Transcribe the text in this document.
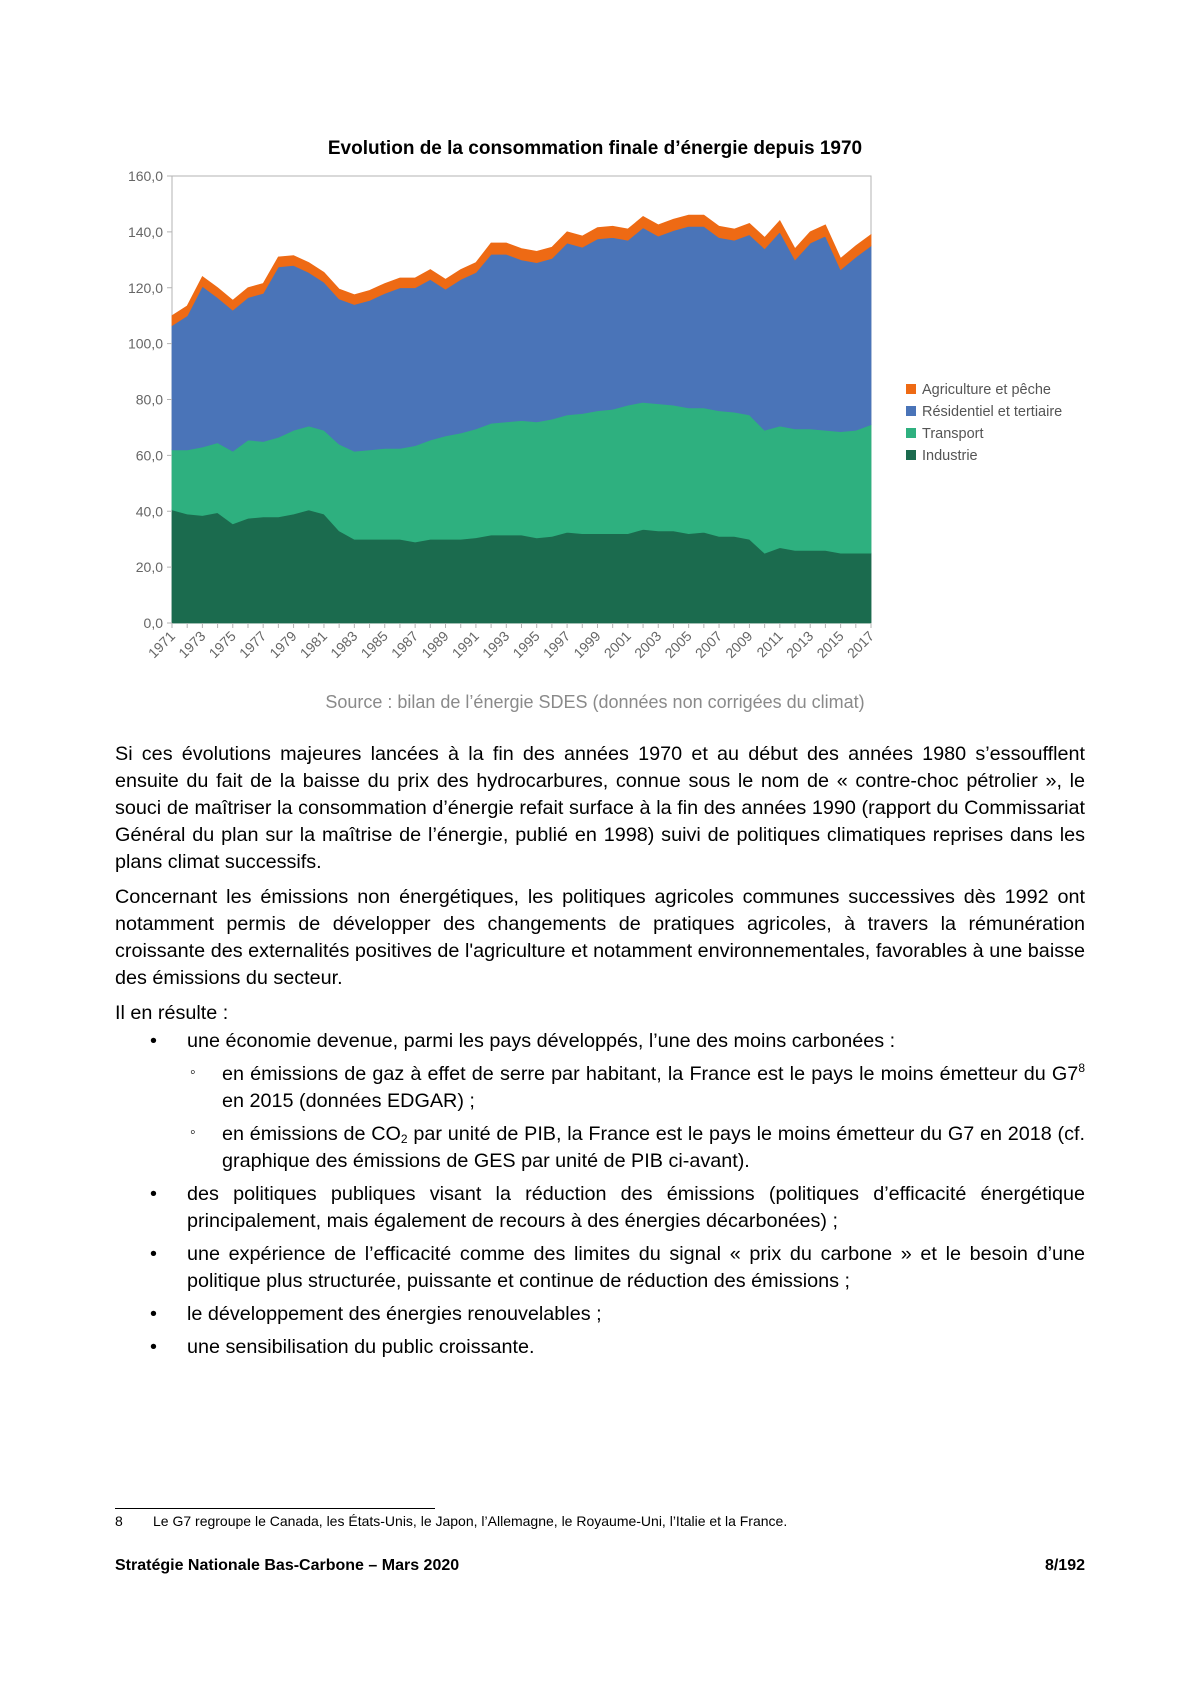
Evolution de la consommation finale d’énergie depuis 1970
0,0
20,0
40,0
60,0
80,0
100,0
120,0
140,0
160,0
1971
1973
1975
1977
1979
1981
1983
1985
1987
1989
1991
1993
1995
1997
1999
2001
2003
2005
2007
2009
2011
2013
2015
2017
Agriculture et pêche
Résidentiel et tertiaire
Transport
Industrie
Source : bilan de l’énergie SDES (données non corrigées du climat)

Si ces évolutions majeures lancées à la fin des années 1970 et au début des années 1980 s’essoufflent ensuite du fait de la baisse du prix des hydrocarbures, connue sous le nom de « contre-choc pétrolier », le souci de maîtriser la consommation d’énergie refait surface à la fin des années 1990 (rapport du Commissariat Général du plan sur la maîtrise de l’énergie, publié en 1998) suivi de politiques climatiques reprises dans les plans climat successifs.

Concernant les émissions non énergétiques, les politiques agricoles communes successives dès 1992 ont notamment permis de développer des changements de pratiques agricoles, à travers la rémunération croissante des externalités positives de l'agriculture et notamment environnementales, favorables à une baisse des émissions du secteur.

Il en résulte :

• une économie devenue, parmi les pays développés, l’une des moins carbonées :
◦ en émissions de gaz à effet de serre par habitant, la France est le pays le moins émetteur du $G7^8$ en 2015 (données EDGAR) ;
◦ en émissions de $CO_2$ par unité de PIB, la France est le pays le moins émetteur du G7 en 2018 (cf. graphique des émissions de GES par unité de PIB ci-avant).
• des politiques publiques visant la réduction des émissions (politiques d’efficacité énergétique principalement, mais également de recours à des énergies décarbonées) ;
• une expérience de l’efficacité comme des limites du signal « prix du carbone » et le besoin d’une politique plus structurée, puissante et continue de réduction des émissions ;
• le développement des énergies renouvelables ;
• une sensibilisation du public croissante.
8 Le G7 regroupe le Canada, les États-Unis, le Japon, l’Allemagne, le Royaume-Uni, l’Italie et la France.
Stratégie Nationale Bas-Carbone – Mars 2020	8/192
